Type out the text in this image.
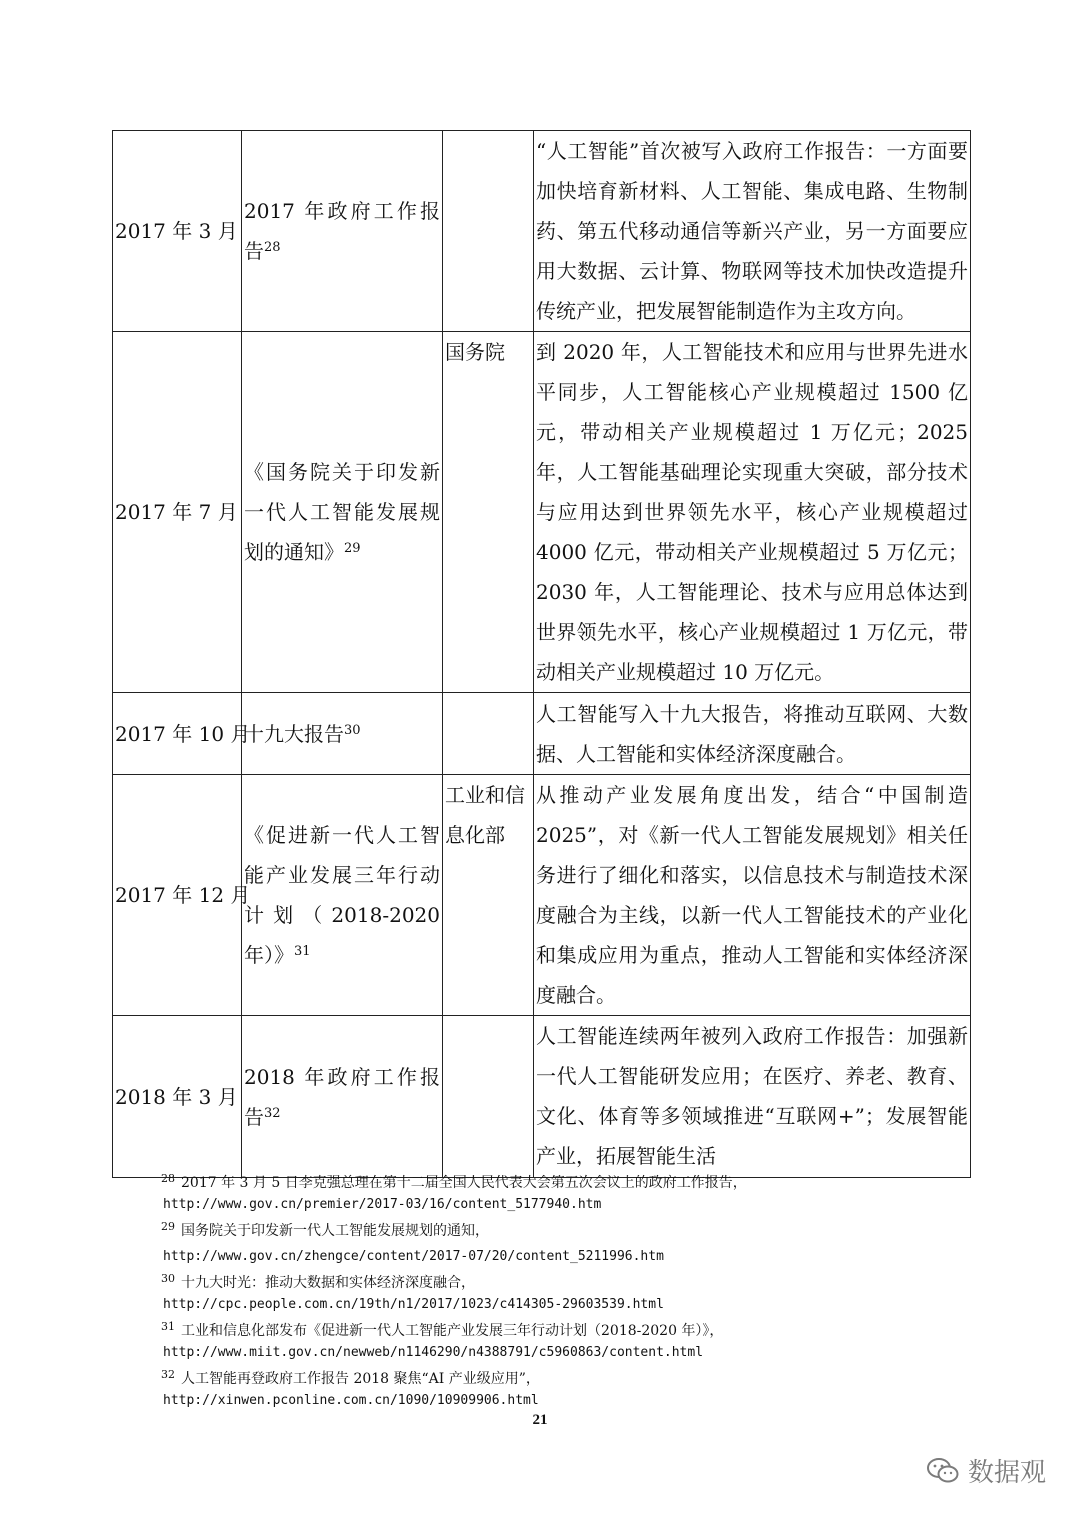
2017 年 3 月	2017 年政府工作报告$^{28}$		“人工智能”首次被写入政府工作报告：一方面要加快培育新材料、人工智能、集成电路、生物制药、第五代移动通信等新兴产业，另一方面要应用大数据、云计算、物联网等技术加快改造提升传统产业，把发展智能制造作为主攻方向。
2017 年 7 月	《国务院关于印发新一代人工智能发展规划的通知》$^{29}$	国务院	到 2020 年，人工智能技术和应用与世界先进水平同步，人工智能核心产业规模超过 1500 亿元，带动相关产业规模超过 1 万亿元；2025 年，人工智能基础理论实现重大突破，部分技术与应用达到世界领先水平，核心产业规模超过 4000 亿元，带动相关产业规模超过 5 万亿元；2030 年，人工智能理论、技术与应用总体达到世界领先水平，核心产业规模超过 1 万亿元，带动相关产业规模超过 10 万亿元。
2017 年 10 月	十九大报告$^{30}$		人工智能写入十九大报告，将推动互联网、大数据、人工智能和实体经济深度融合。
2017 年 12 月	《促进新一代人工智能产业发展三年行动计划（2018-2020 年）》$^{31}$	工业和信息化部	从推动产业发展角度出发，结合“中国制造 2025”，对《新一代人工智能发展规划》相关任务进行了细化和落实，以信息技术与制造技术深度融合为主线，以新一代人工智能技术的产业化和集成应用为重点，推动人工智能和实体经济深度融合。
2018 年 3 月	2018 年政府工作报告$^{32}$		人工智能连续两年被列入政府工作报告：加强新一代人工智能研发应用；在医疗、养老、教育、文化、体育等多领域推进“互联网+”；发展智能产业，拓展智能生活
$^{28}$ 2017 年 3 月 5 日李克强总理在第十二届全国人民代表大会第五次会议上的政府工作报告，
http://www.gov.cn/premier/2017-03/16/content_5177940.htm
$^{29}$ 国务院关于印发新一代人工智能发展规划的通知，
http://www.gov.cn/zhengce/content/2017-07/20/content_5211996.htm
$^{30}$ 十九大时光：推动大数据和实体经济深度融合，
http://cpc.people.com.cn/19th/n1/2017/1023/c414305-29603539.html
$^{31}$ 工业和信息化部发布《促进新一代人工智能产业发展三年行动计划（2018-2020 年）》，
http://www.miit.gov.cn/newweb/n1146290/n4388791/c5960863/content.html
$^{32}$ 人工智能再登政府工作报告 2018 聚焦“AI 产业级应用”，
http://xinwen.pconline.com.cn/1090/10909906.html
21
数据观
